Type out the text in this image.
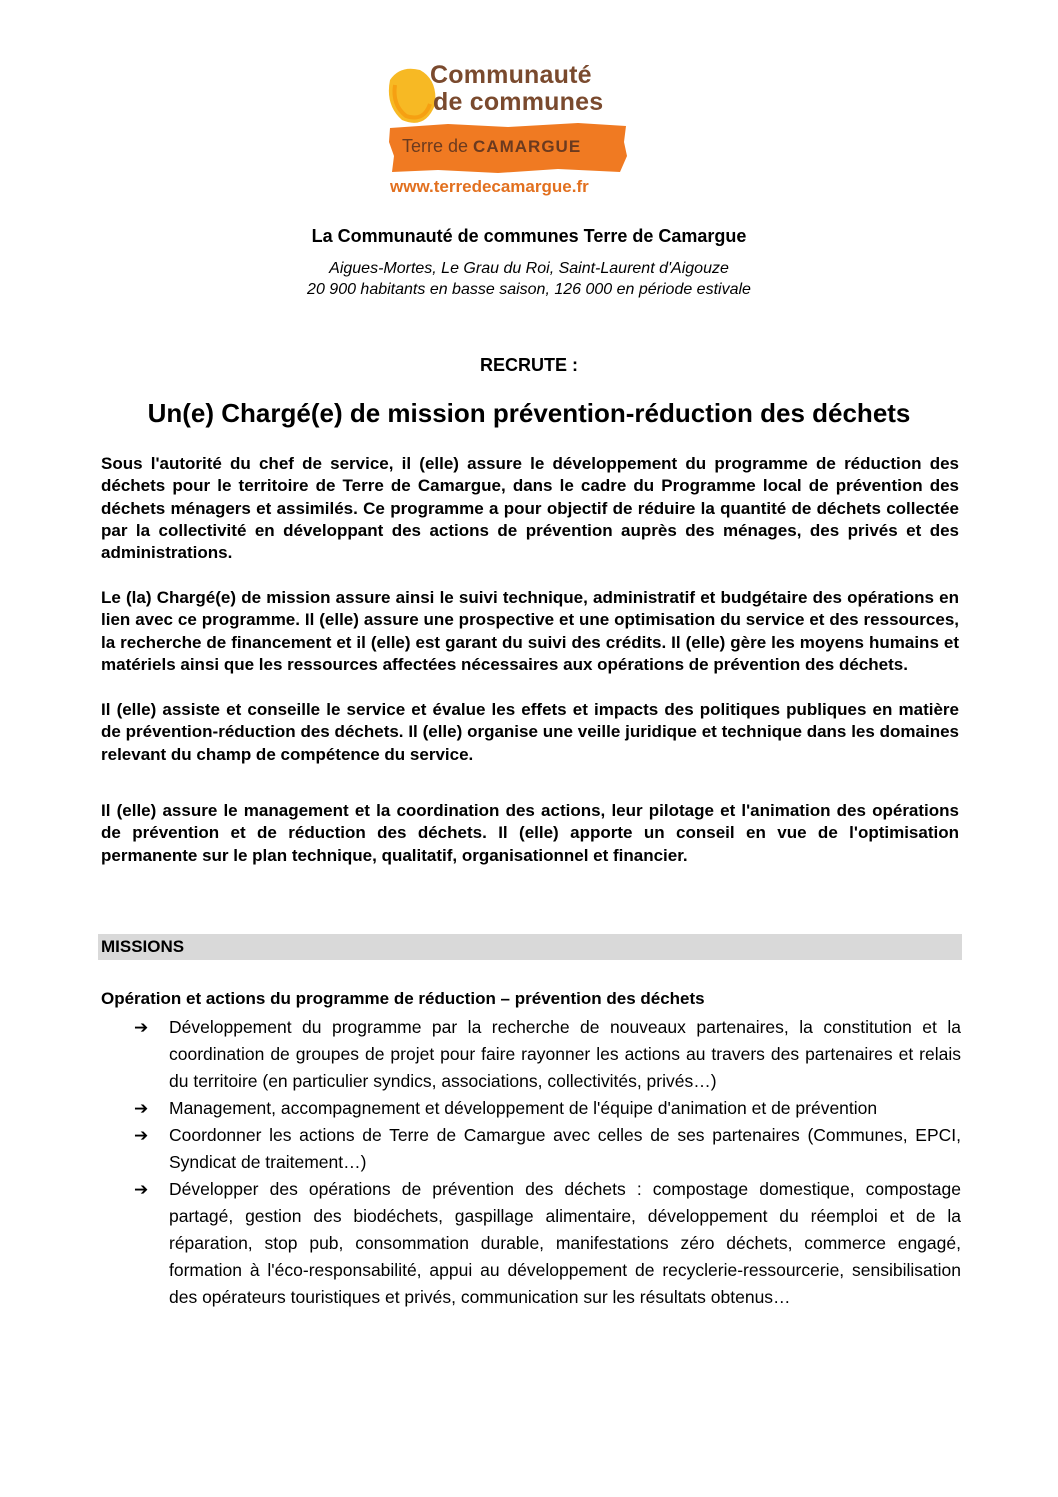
Communauté
de communes
Terre de CAMARGUE
www.terredecamargue.fr
La Communauté de communes Terre de Camargue
Aigues-Mortes, Le Grau du Roi, Saint-Laurent d'Aigouze
20 900 habitants en basse saison, 126 000 en période estivale
RECRUTE :
Un(e) Chargé(e) de mission prévention-réduction des déchets

Sous l'autorité du chef de service, il (elle) assure le développement du programme de réduction des déchets pour le territoire de Terre de Camargue, dans le cadre du Programme local de prévention des déchets ménagers et assimilés. Ce programme a pour objectif de réduire la quantité de déchets collectée par la collectivité en développant des actions de prévention auprès des ménages, des privés et des administrations.

Le (la) Chargé(e) de mission assure ainsi le suivi technique, administratif et budgétaire des opérations en lien avec ce programme. Il (elle) assure une prospective et une optimisation du service et des ressources, la recherche de financement et il (elle) est garant du suivi des crédits. Il (elle) gère les moyens humains et matériels ainsi que les ressources affectées nécessaires aux opérations de prévention des déchets.

Il (elle) assiste et conseille le service et évalue les effets et impacts des politiques publiques en matière de prévention-réduction des déchets. Il (elle) organise une veille juridique et technique dans les domaines relevant du champ de compétence du service.

Il (elle) assure le management et la coordination des actions, leur pilotage et l'animation des opérations de prévention et de réduction des déchets. Il (elle) apporte un conseil en vue de l'optimisation permanente sur le plan technique, qualitatif, organisationnel et financier.

MISSIONS
Opération et actions du programme de réduction – prévention des déchets
➔ Développement du programme par la recherche de nouveaux partenaires, la constitution et la coordination de groupes de projet pour faire rayonner les actions au travers des partenaires et relais du territoire (en particulier syndics, associations, collectivités, privés…)
➔ Management, accompagnement et développement de l'équipe d'animation et de prévention
➔ Coordonner les actions de Terre de Camargue avec celles de ses partenaires (Communes, EPCI, Syndicat de traitement…)
➔ Développer des opérations de prévention des déchets : compostage domestique, compostage partagé, gestion des biodéchets, gaspillage alimentaire, développement du réemploi et de la réparation, stop pub, consommation durable, manifestations zéro déchets, commerce engagé, formation à l'éco-responsabilité, appui au développement de recyclerie-ressourcerie, sensibilisation des opérateurs touristiques et privés, communication sur les résultats obtenus…
